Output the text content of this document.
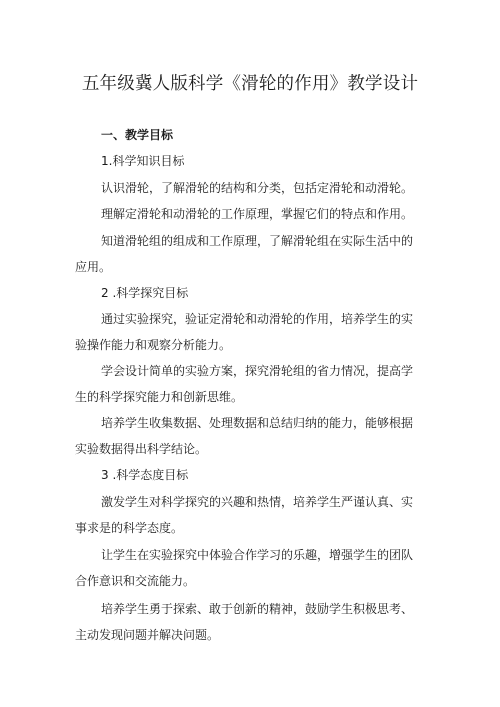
五年级冀人版科学《滑轮的作用》教学设计
一、教学目标
1.科学知识目标
认识滑轮，了解滑轮的结构和分类，包括定滑轮和动滑轮。
理解定滑轮和动滑轮的工作原理，掌握它们的特点和作用。
知道滑轮组的组成和工作原理，了解滑轮组在实际生活中的
应用。
2 .科学探究目标
通过实验探究，验证定滑轮和动滑轮的作用，培养学生的实
验操作能力和观察分析能力。
学会设计简单的实验方案，探究滑轮组的省力情况，提高学
生的科学探究能力和创新思维。
培养学生收集数据、处理数据和总结归纳的能力，能够根据
实验数据得出科学结论。
3 .科学态度目标
激发学生对科学探究的兴趣和热情，培养学生严谨认真、实
事求是的科学态度。
让学生在实验探究中体验合作学习的乐趣，增强学生的团队
合作意识和交流能力。
培养学生勇于探索、敢于创新的精神，鼓励学生积极思考、
主动发现问题并解决问题。
